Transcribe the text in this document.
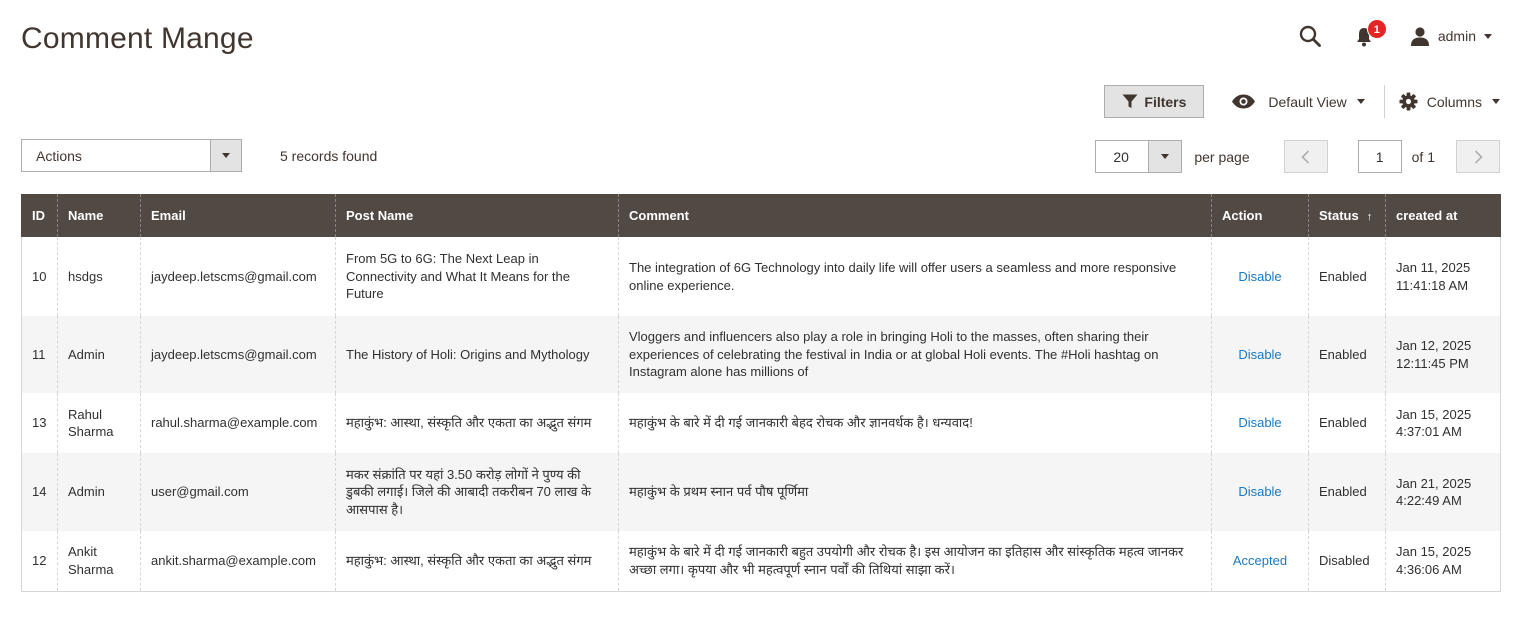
Comment Mange	1	admin
Filters	Default View	Columns
Actions	5 records found	20	per page
1	of 1
ID	Name	Email	Post Name	Comment	Action	Status ↑	created at
10	hsdgs	jaydeep.letscms@gmail.com	From 5G to 6G: The Next Leap in Connectivity and What It Means for the Future	The integration of 6G Technology into daily life will offer users a seamless and more responsive online experience.	Disable	Enabled	Jan 11, 2025
11:41:18 AM

11	Admin	jaydeep.letscms@gmail.com	The History of Holi: Origins and Mythology	Vloggers and influencers also play a role in bringing Holi to the masses, often sharing their experiences of celebrating the festival in India or at global Holi events. The #Holi hashtag on Instagram alone has millions of	Disable	Enabled	Jan 12, 2025
12:11:45 PM

13	Rahul Sharma	rahul.sharma@example.com	महाकुंभ: आस्था, संस्कृति और एकता का अद्भुत संगम	महाकुंभ के बारे में दी गई जानकारी बेहद रोचक और ज्ञानवर्धक है। धन्यवाद!	Disable	Enabled	Jan 15, 2025
4:37:01 AM

14	Admin	user@gmail.com	मकर संक्रांति पर यहां 3.50 करोड़ लोगों ने पुण्य की डुबकी लगाई। जिले की आबादी तकरीबन 70 लाख के आसपास है।	महाकुंभ के प्रथम स्नान पर्व पौष पूर्णिमा	Disable	Enabled	Jan 21, 2025
4:22:49 AM

12	Ankit Sharma	ankit.sharma@example.com	महाकुंभ: आस्था, संस्कृति और एकता का अद्भुत संगम	महाकुंभ के बारे में दी गई जानकारी बहुत उपयोगी और रोचक है। इस आयोजन का इतिहास और सांस्कृतिक महत्व जानकर अच्छा लगा। कृपया और भी महत्वपूर्ण स्नान पर्वों की तिथियां साझा करें।	Accepted	Disabled	Jan 15, 2025
4:36:06 AM
